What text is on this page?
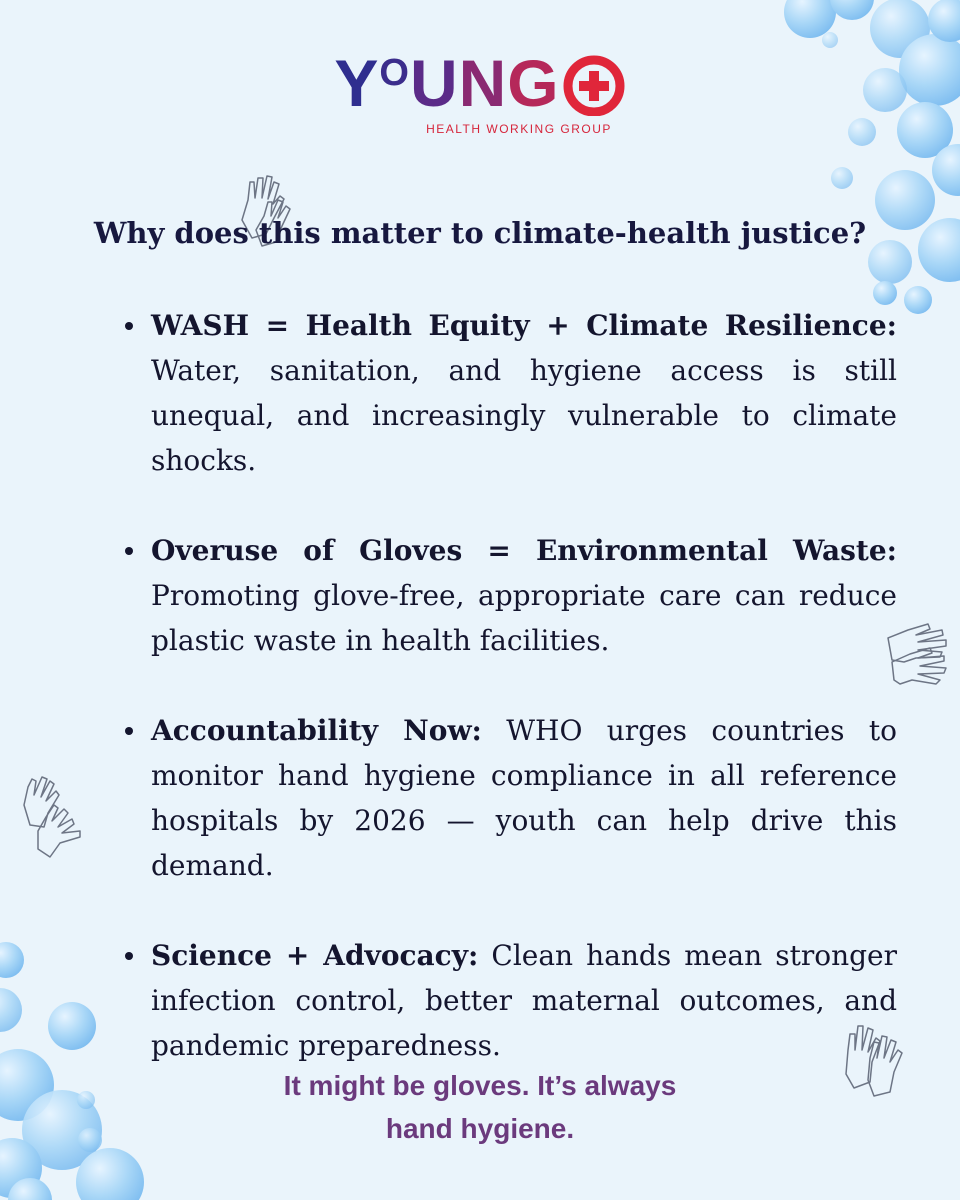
Y O U N G
HEALTH WORKING GROUP
Why does this matter to climate-health justice?
WASH = Health Equity + Climate Resilience: Water, sanitation, and hygiene access is still unequal, and increasingly vulnerable to climate shocks.
Overuse of Gloves = Environmental Waste: Promoting glove-free, appropriate care can reduce plastic waste in health facilities.
Accountability Now: WHO urges countries to monitor hand hygiene compliance in all reference hospitals by 2026 — youth can help drive this demand.
Science + Advocacy: Clean hands mean stronger infection control, better maternal outcomes, and pandemic preparedness.
It might be gloves. It’s always
hand hygiene.
